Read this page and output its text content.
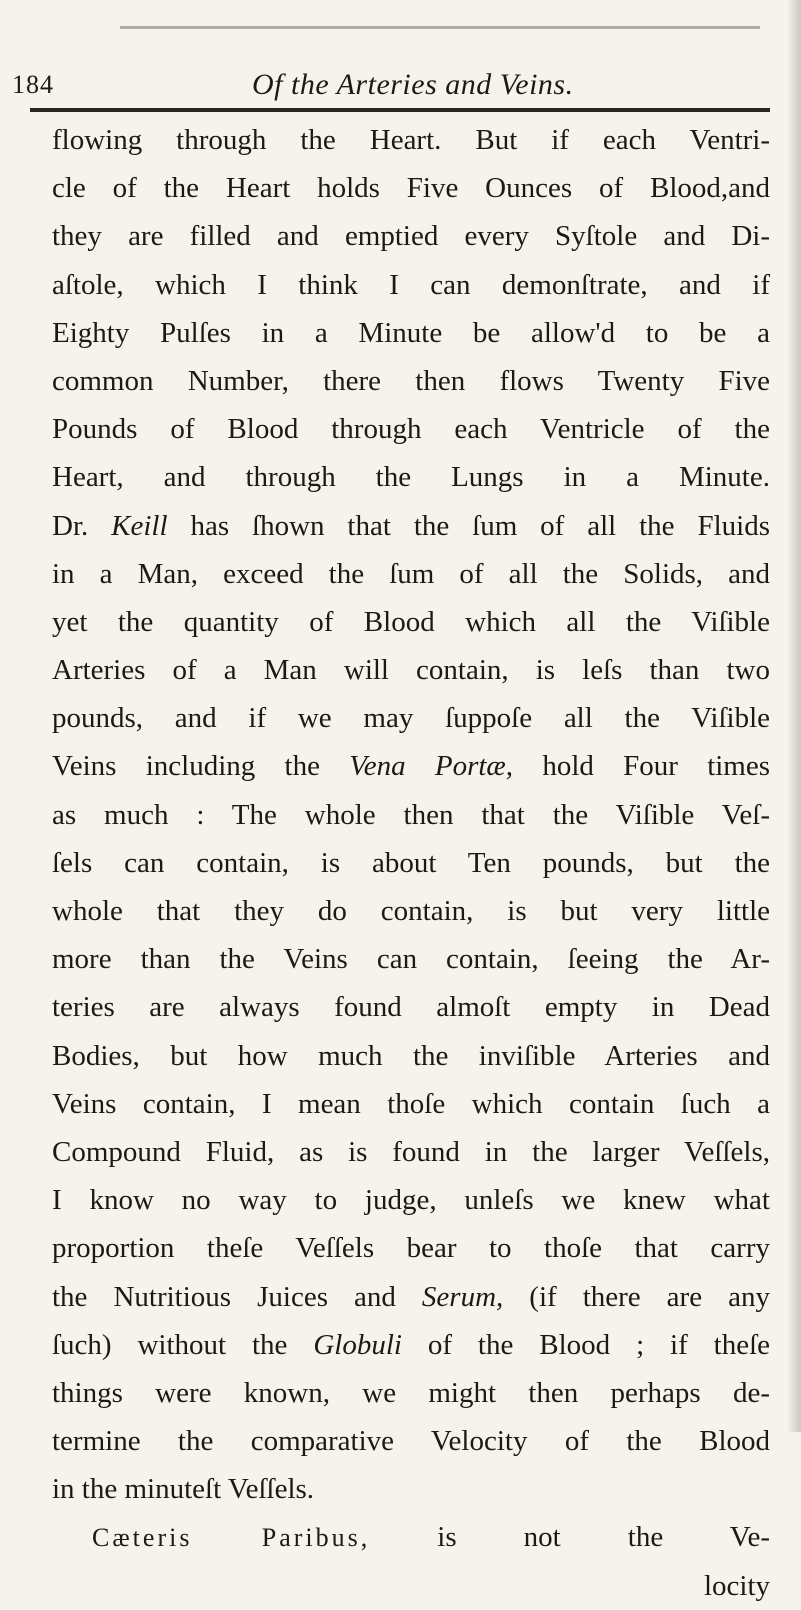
184	Of the Arteries and Veins.
flowing through the Heart. But if each Ventri-
cle of the Heart holds Five Ounces of Blood,and
they are filled and emptied every Syſtole and Di-
aſtole, which I think I can demonſtrate, and if
Eighty Pulſes in a Minute be allow'd to be a
common Number, there then flows Twenty Five
Pounds of Blood through each Ventricle of the
Heart, and through the Lungs in a Minute.
Dr. Keill has ſhown that the ſum of all the Fluids
in a Man, exceed the ſum of all the Solids, and
yet the quantity of Blood which all the Viſible
Arteries of a Man will contain, is leſs than two
pounds, and if we may ſuppoſe all the Viſible
Veins including the Vena Portæ, hold Four times
as much : The whole then that the Viſible Veſ-
ſels can contain, is about Ten pounds, but the
whole that they do contain, is but very little
more than the Veins can contain, ſeeing the Ar-
teries are always found almoſt empty in Dead
Bodies, but how much the inviſible Arteries and
Veins contain, I mean thoſe which contain ſuch a
Compound Fluid, as is found in the larger Veſſels,
I know no way to judge, unleſs we knew what
proportion theſe Veſſels bear to thoſe that carry
the Nutritious Juices and Serum, (if there are any
ſuch) without the Globuli of the Blood ; if theſe
things were known, we might then perhaps de-
termine the comparative Velocity of the Blood
in the minuteſt Veſſels.
Cæteris Paribus, is not the Ve-
locity
